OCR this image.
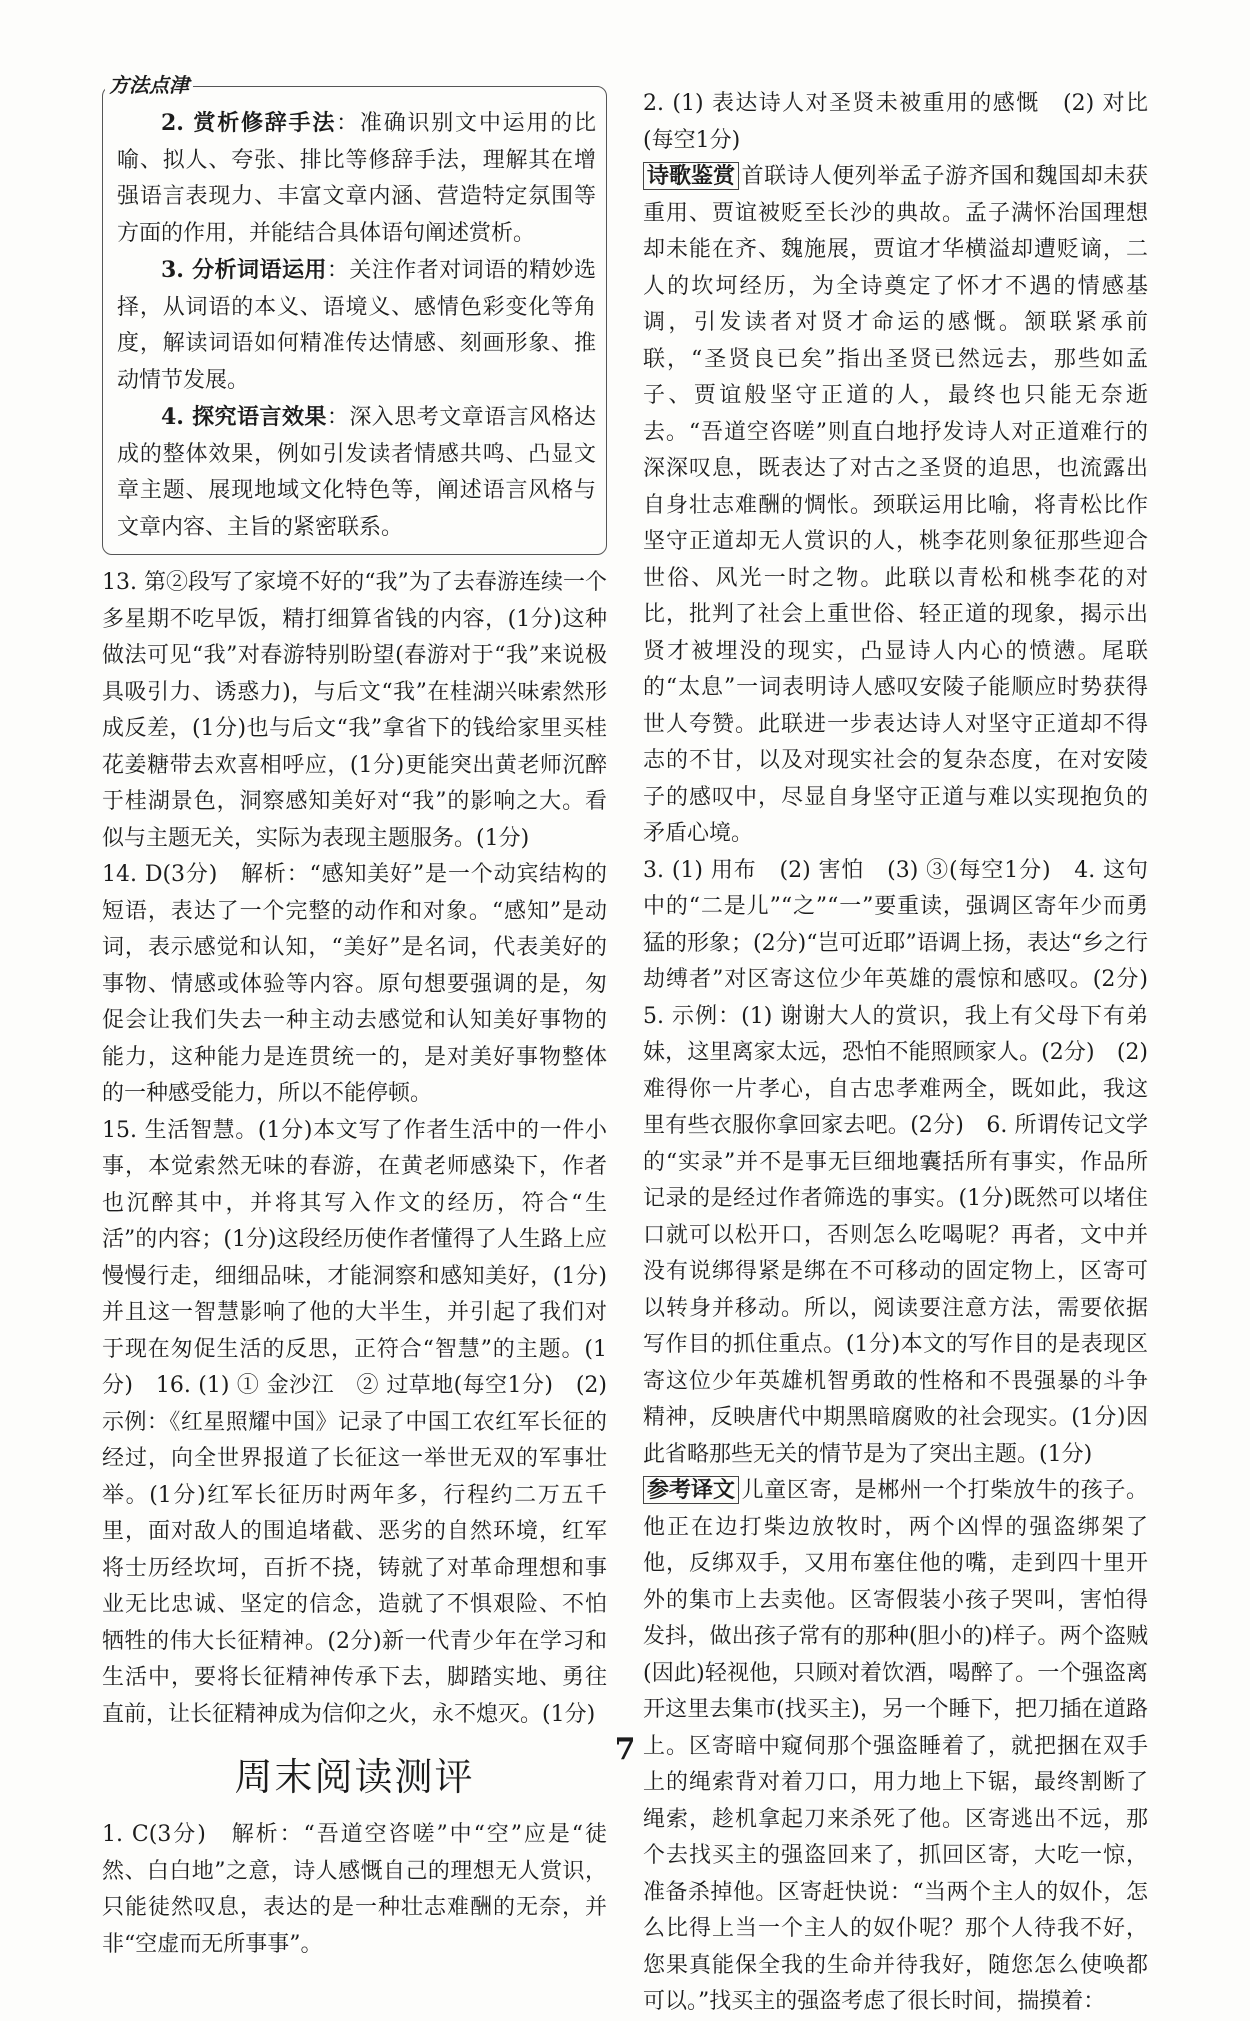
方法点津

2. 赏析修辞手法：准确识别文中运用的比喻、拟人、夸张、排比等修辞手法，理解其在增强语言表现力、丰富文章内涵、营造特定氛围等方面的作用，并能结合具体语句阐述赏析。

3. 分析词语运用：关注作者对词语的精妙选择，从词语的本义、语境义、感情色彩变化等角度，解读词语如何精准传达情感、刻画形象、推动情节发展。

4. 探究语言效果：深入思考文章语言风格达成的整体效果，例如引发读者情感共鸣、凸显文章主题、展现地域文化特色等，阐述语言风格与文章内容、主旨的紧密联系。

13. 第②段写了家境不好的“我”为了去春游连续一个多星期不吃早饭，精打细算省钱的内容，(1分)这种做法可见“我”对春游特别盼望(春游对于“我”来说极具吸引力、诱惑力)，与后文“我”在桂湖兴味索然形成反差，(1分)也与后文“我”拿省下的钱给家里买桂花姜糖带去欢喜相呼应，(1分)更能突出黄老师沉醉于桂湖景色，洞察感知美好对“我”的影响之大。看似与主题无关，实际为表现主题服务。(1分)

14. D(3分)　解析：“感知美好”是一个动宾结构的短语，表达了一个完整的动作和对象。“感知”是动词，表示感觉和认知，“美好”是名词，代表美好的事物、情感或体验等内容。原句想要强调的是，匆促会让我们失去一种主动去感觉和认知美好事物的能力，这种能力是连贯统一的，是对美好事物整体的一种感受能力，所以不能停顿。

15. 生活智慧。(1分)本文写了作者生活中的一件小事，本觉索然无味的春游，在黄老师感染下，作者也沉醉其中，并将其写入作文的经历，符合“生活”的内容；(1分)这段经历使作者懂得了人生路上应慢慢行走，细细品味，才能洞察和感知美好，(1分)并且这一智慧影响了他的大半生，并引起了我们对于现在匆促生活的反思，正符合“智慧”的主题。(1分)　16. (1) ① 金沙江　② 过草地(每空1分)　(2) 示例：《红星照耀中国》记录了中国工农红军长征的经过，向全世界报道了长征这一举世无双的军事壮举。(1分)红军长征历时两年多，行程约二万五千里，面对敌人的围追堵截、恶劣的自然环境，红军将士历经坎坷，百折不挠，铸就了对革命理想和事业无比忠诚、坚定的信念，造就了不惧艰险、不怕牺牲的伟大长征精神。(2分)新一代青少年在学习和生活中，要将长征精神传承下去，脚踏实地、勇往直前，让长征精神成为信仰之火，永不熄灭。(1分)

周末阅读测评

1. C(3分)　解析：“吾道空咨嗟”中“空”应是“徒然、白白地”之意，诗人感慨自己的理想无人赏识，只能徒然叹息，表达的是一种壮志难酬的无奈，并非“空虚而无所事事”。

2. (1) 表达诗人对圣贤未被重用的感慨　(2) 对比(每空1分)

诗歌鉴赏 首联诗人便列举孟子游齐国和魏国却未获重用、贾谊被贬至长沙的典故。孟子满怀治国理想却未能在齐、魏施展，贾谊才华横溢却遭贬谪，二人的坎坷经历，为全诗奠定了怀才不遇的情感基调，引发读者对贤才命运的感慨。颔联紧承前联，“圣贤良已矣”指出圣贤已然远去，那些如孟子、贾谊般坚守正道的人，最终也只能无奈逝去。“吾道空咨嗟”则直白地抒发诗人对正道难行的深深叹息，既表达了对古之圣贤的追思，也流露出自身壮志难酬的惆怅。颈联运用比喻，将青松比作坚守正道却无人赏识的人，桃李花则象征那些迎合世俗、风光一时之物。此联以青松和桃李花的对比，批判了社会上重世俗、轻正道的现象，揭示出贤才被埋没的现实，凸显诗人内心的愤懑。尾联的“太息”一词表明诗人感叹安陵子能顺应时势获得世人夸赞。此联进一步表达诗人对坚守正道却不得志的不甘，以及对现实社会的复杂态度，在对安陵子的感叹中，尽显自身坚守正道与难以实现抱负的矛盾心境。

3. (1) 用布　(2) 害怕　(3) ③(每空1分)　4. 这句中的“二是儿”“之”“一”要重读，强调区寄年少而勇猛的形象；(2分)“岂可近耶”语调上扬，表达“乡之行劫缚者”对区寄这位少年英雄的震惊和感叹。(2分)　5. 示例：(1) 谢谢大人的赏识，我上有父母下有弟妹，这里离家太远，恐怕不能照顾家人。(2分)　(2) 难得你一片孝心，自古忠孝难两全，既如此，我这里有些衣服你拿回家去吧。(2分)　6. 所谓传记文学的“实录”并不是事无巨细地囊括所有事实，作品所记录的是经过作者筛选的事实。(1分)既然可以堵住口就可以松开口，否则怎么吃喝呢？再者，文中并没有说绑得紧是绑在不可移动的固定物上，区寄可以转身并移动。所以，阅读要注意方法，需要依据写作目的抓住重点。(1分)本文的写作目的是表现区寄这位少年英雄机智勇敢的性格和不畏强暴的斗争精神，反映唐代中期黑暗腐败的社会现实。(1分)因此省略那些无关的情节是为了突出主题。(1分)

参考译文 儿童区寄，是郴州一个打柴放牛的孩子。他正在边打柴边放牧时，两个凶悍的强盗绑架了他，反绑双手，又用布塞住他的嘴，走到四十里开外的集市上去卖他。区寄假装小孩子哭叫，害怕得发抖，做出孩子常有的那种(胆小的)样子。两个盗贼(因此)轻视他，只顾对着饮酒，喝醉了。一个强盗离开这里去集市(找买主)，另一个睡下，把刀插在道路上。区寄暗中窥伺那个强盗睡着了，就把捆在双手上的绳索背对着刀口，用力地上下锯，最终割断了绳索，趁机拿起刀来杀死了他。区寄逃出不远，那个去找买主的强盗回来了，抓回区寄，大吃一惊，准备杀掉他。区寄赶快说：“当两个主人的奴仆，怎么比得上当一个主人的奴仆呢？那个人待我不好，您果真能保全我的生命并待我好，随您怎么使唤都可以。”找买主的强盗考虑了很长时间，揣摸着：

7
